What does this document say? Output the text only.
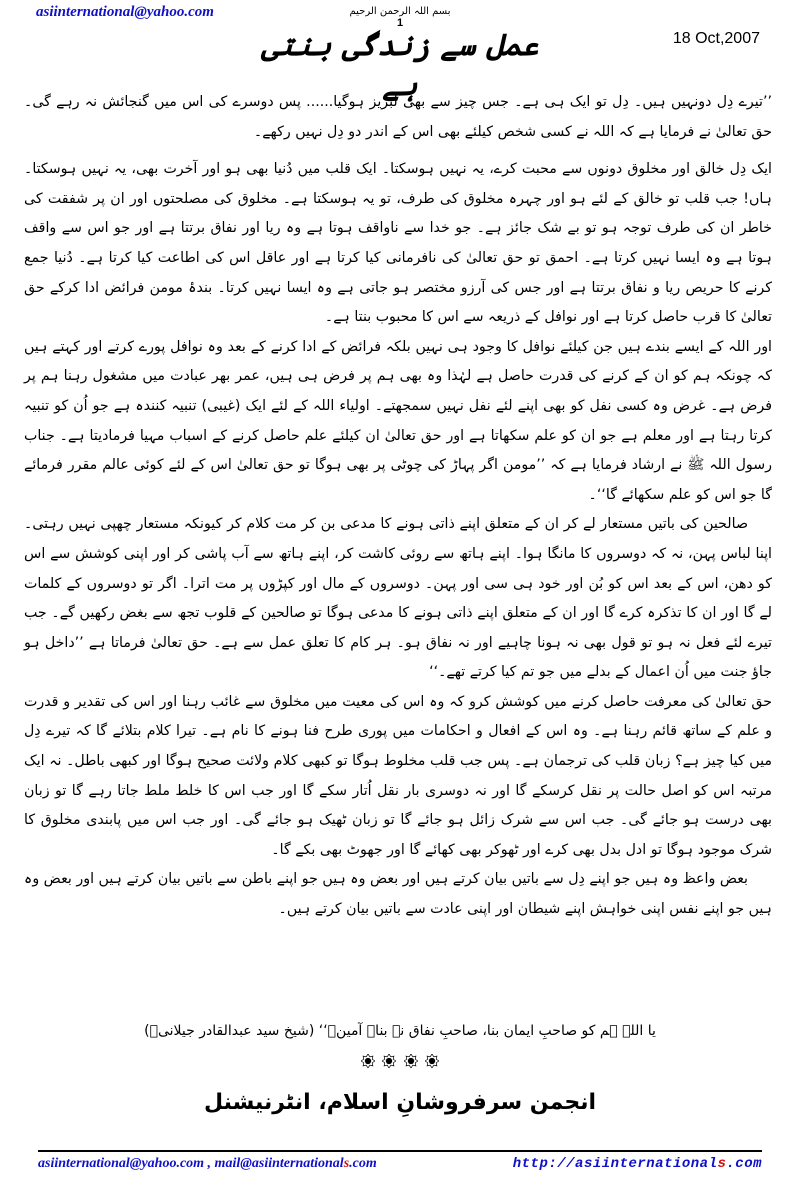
asiinternational@yahoo.com	بسم اللہ الرحمن الرحیم
1
18 Oct,2007
عمل سے زندگی بنتی ہے

’’تیرے دِل دونہیں ہیں۔ دِل تو ایک ہی ہے۔ جس چیز سے بھی لبریز ہوگیا...... پس دوسرے کی اس میں گنجائش نہ رہے گی۔ حق تعالیٰ نے فرمایا ہے کہ اللہ نے کسی شخص کیلئے بھی اس کے اندر دو دِل نہیں رکھے۔

ایک دِل خالق اور مخلوق دونوں سے محبت کرے، یہ نہیں ہوسکتا۔ ایک قلب میں دُنیا بھی ہو اور آخرت بھی، یہ نہیں ہوسکتا۔ ہاں! جب قلب تو خالق کے لئے ہو اور چہرہ مخلوق کی طرف، تو یہ ہوسکتا ہے۔ مخلوق کی مصلحتوں اور ان پر شفقت کی خاطر ان کی طرف توجہ ہو تو بے شک جائز ہے۔ جو خدا سے ناواقف ہوتا ہے وہ ریا اور نفاق برتتا ہے اور جو اس سے واقف ہوتا ہے وہ ایسا نہیں کرتا ہے۔ احمق تو حق تعالیٰ کی نافرمانی کیا کرتا ہے اور عاقل اس کی اطاعت کیا کرتا ہے۔ دُنیا جمع کرنے کا حریص ریا و نفاق برتتا ہے اور جس کی آرزو مختصر ہو جاتی ہے وہ ایسا نہیں کرتا۔ بندۂ مومن فرائض ادا کرکے حق تعالیٰ کا قرب حاصل کرتا ہے اور نوافل کے ذریعہ سے اس کا محبوب بنتا ہے۔

اور اللہ کے ایسے بندے ہیں جن کیلئے نوافل کا وجود ہی نہیں بلکہ فرائض کے ادا کرنے کے بعد وہ نوافل پورے کرتے اور کہتے ہیں کہ چونکہ ہم کو ان کے کرنے کی قدرت حاصل ہے لہٰذا وہ بھی ہم پر فرض ہی ہیں، عمر بھر عبادت میں مشغول رہنا ہم پر فرض ہے۔ غرض وہ کسی نفل کو بھی اپنے لئے نفل نہیں سمجھتے۔ اولیاء اللہ کے لئے ایک (غیبی) تنبیہ کنندہ ہے جو اُن کو تنبیہ کرتا رہتا ہے اور معلم ہے جو ان کو علم سکھاتا ہے اور حق تعالیٰ ان کیلئے علم حاصل کرنے کے اسباب مہیا فرمادیتا ہے۔ جناب رسول اللہ ﷺ نے ارشاد فرمایا ہے کہ ’’مومن اگر پہاڑ کی چوٹی پر بھی ہوگا تو حق تعالیٰ اس کے لئے کوئی عالم مقرر فرمائے گا جو اس کو علم سکھائے گا‘‘۔

صالحین کی باتیں مستعار لے کر ان کے متعلق اپنے ذاتی ہونے کا مدعی بن کر مت کلام کر کیونکہ مستعار چھپی نہیں رہتی۔ اپنا لباس پہن، نہ کہ دوسروں کا مانگا ہوا۔ اپنے ہاتھ سے روئی کاشت کر، اپنے ہاتھ سے آب پاشی کر اور اپنی کوشش سے اس کو دھن، اس کے بعد اس کو بُن اور خود ہی سی اور پہن۔ دوسروں کے مال اور کپڑوں پر مت اترا۔ اگر تو دوسروں کے کلمات لے گا اور ان کا تذکرہ کرے گا اور ان کے متعلق اپنے ذاتی ہونے کا مدعی ہوگا تو صالحین کے قلوب تجھ سے بغض رکھیں گے۔ جب تیرے لئے فعل نہ ہو تو قول بھی نہ ہونا چاہیے اور نہ نفاق ہو۔ ہر کام کا تعلق عمل سے ہے۔ حق تعالیٰ فرماتا ہے ’’داخل ہو جاؤ جنت میں اُن اعمال کے بدلے میں جو تم کیا کرتے تھے۔‘‘

حق تعالیٰ کی معرفت حاصل کرنے میں کوشش کرو کہ وہ اس کی معیت میں مخلوق سے غائب رہنا اور اس کی تقدیر و قدرت و علم کے ساتھ قائم رہنا ہے۔ وہ اس کے افعال و احکامات میں پوری طرح فنا ہونے کا نام ہے۔ تیرا کلام بتلائے گا کہ تیرے دِل میں کیا چیز ہے؟ زبان قلب کی ترجمان ہے۔ پس جب قلب مخلوط ہوگا تو کبھی کلام ولائت صحیح ہوگا اور کبھی باطل۔ نہ ایک مرتبہ اس کو اصل حالت پر نقل کرسکے گا اور نہ دوسری بار نقل اُتار سکے گا اور جب اس کا خلط ملط جاتا رہے گا تو زبان بھی درست ہو جائے گی۔ جب اس سے شرک زائل ہو جائے گا تو زبان ٹھیک ہو جائے گی۔ اور جب اس میں پابندی مخلوق کا شرک موجود ہوگا تو ادل بدل بھی کرے اور ٹھوکر بھی کھائے گا اور جھوٹ بھی بکے گا۔

بعض واعظ وہ ہیں جو اپنے دِل سے باتیں بیان کرتے ہیں اور بعض وہ ہیں جو اپنے باطن سے باتیں بیان کرتے ہیں اور بعض وہ ہیں جو اپنے نفس اپنی خواہش اپنے شیطان اور اپنی عادت سے باتیں بیان کرتے ہیں۔

یا اللہ ہم کو صاحبِ ایمان بنا، صاحبِ نفاق نہ بنا۔ آمین۔‘‘ (شیخ سید عبدالقادر جیلانیؒ)

انجمن سرفروشانِ اسلام، انٹرنیشنل
asiinternational@yahoo.com , mail@asiinternationals.com	http://asiinternationals.com
